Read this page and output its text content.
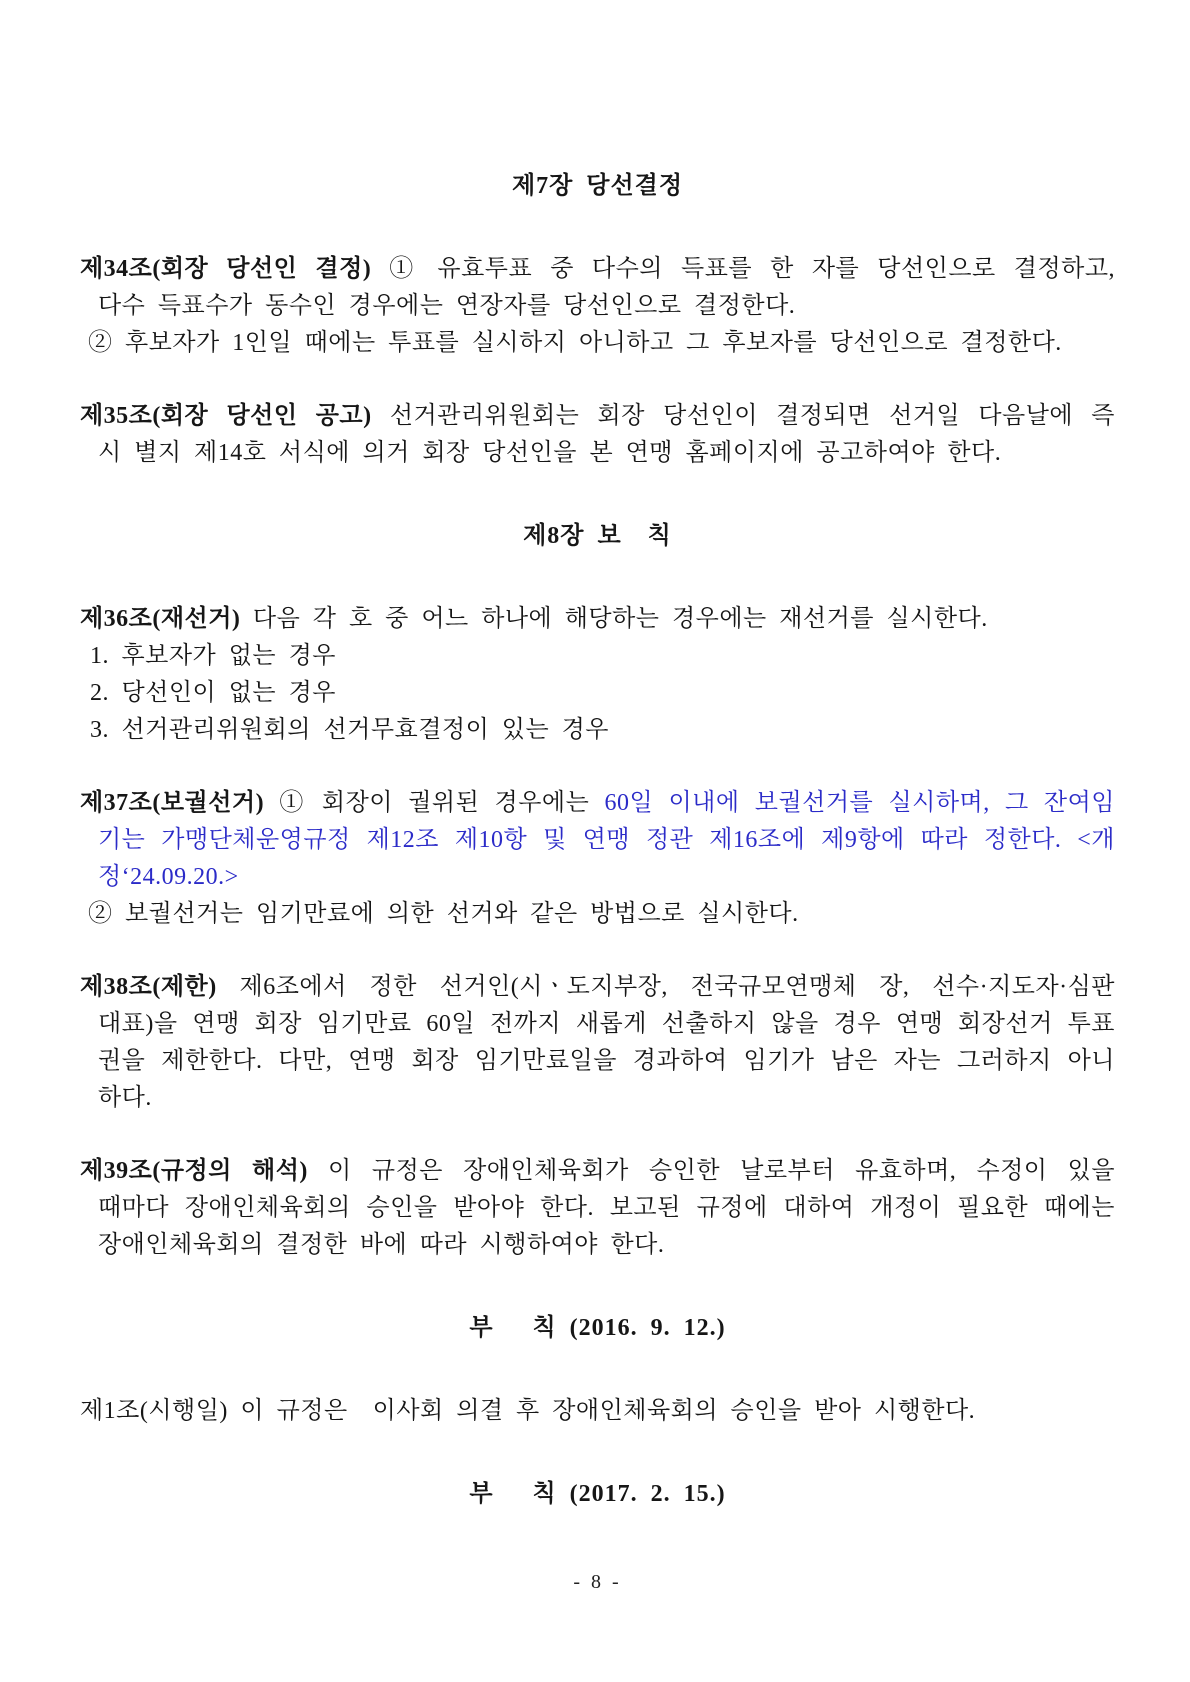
제7장 당선결정
제34조(회장 당선인 결정) ① 유효투표 중 다수의 득표를 한 자를 당선인으로 결정하고,
다수 득표수가 동수인 경우에는 연장자를 당선인으로 결정한다.
② 후보자가 1인일 때에는 투표를 실시하지 아니하고 그 후보자를 당선인으로 결정한다.
제35조(회장 당선인 공고) 선거관리위원회는 회장 당선인이 결정되면 선거일 다음날에 즉
시 별지 제14호 서식에 의거 회장 당선인을 본 연맹 홈페이지에 공고하여야 한다.
제8장 보  칙
제36조(재선거) 다음 각 호 중 어느 하나에 해당하는 경우에는 재선거를 실시한다.
1. 후보자가 없는 경우
2. 당선인이 없는 경우
3. 선거관리위원회의 선거무효결정이 있는 경우
제37조(보궐선거) ① 회장이 궐위된 경우에는 60일 이내에 보궐선거를 실시하며, 그 잔여임
기는 가맹단체운영규정 제12조 제10항 및 연맹 정관 제16조에 제9항에 따라 정한다. <개
정‘24.09.20.>
② 보궐선거는 임기만료에 의한 선거와 같은 방법으로 실시한다.
제38조(제한) 제6조에서 정한 선거인(시ㆍ도지부장, 전국규모연맹체 장, 선수·지도자·심판
대표)을 연맹 회장 임기만료 60일 전까지 새롭게 선출하지 않을 경우 연맹 회장선거 투표
권을 제한한다. 다만, 연맹 회장 임기만료일을 경과하여 임기가 남은 자는 그러하지 아니
하다.
제39조(규정의 해석) 이 규정은 장애인체육회가 승인한 날로부터 유효하며, 수정이 있을
때마다 장애인체육회의 승인을 받아야 한다. 보고된 규정에 대하여 개정이 필요한 때에는
장애인체육회의 결정한 바에 따라 시행하여야 한다.
부   칙 (2016. 9. 12.)
제1조(시행일) 이 규정은  이사회 의결 후 장애인체육회의 승인을 받아 시행한다.
부   칙 (2017. 2. 15.)
- 8 -
